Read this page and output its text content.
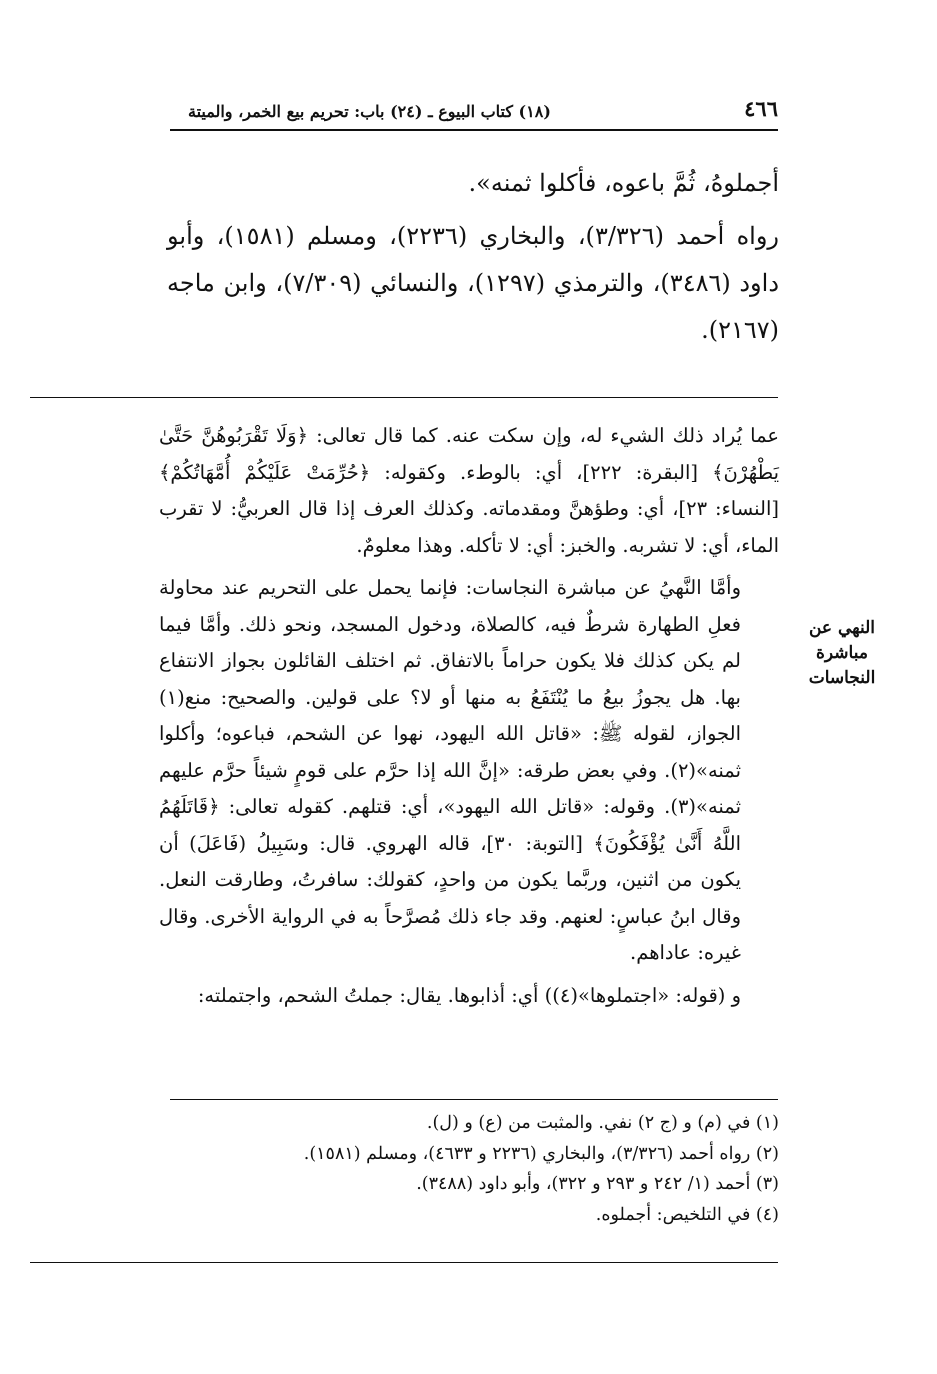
٤٦٦
(١٨) كتاب البيوع ـ (٢٤) باب: تحريم بيع الخمر، والميتة

أجملوهُ، ثُمَّ باعوه، فأكلوا ثمنه».

رواه أحمد (٣/٣٢٦)، والبخاري (٢٢٣٦)، ومسلم (١٥٨١)، وأبو داود (٣٤٨٦)، والترمذي (١٢٩٧)، والنسائي (٧/٣٠٩)، وابن ماجه (٢١٦٧).

عما يُراد ذلك الشيء له، وإن سكت عنه. كما قال تعالى: ﴿وَلَا تَقْرَبُوهُنَّ حَتَّىٰ يَطْهُرْنَ﴾ [البقرة: ٢٢٢]، أي: بالوطء. وكقوله: ﴿حُرِّمَتْ عَلَيْكُمْ أُمَّهَاتُكُمْ﴾ [النساء: ٢٣]، أي: وطؤهنَّ ومقدماته. وكذلك العرف إذا قال العربيُّ: لا تقرب الماء، أي: لا تشربه. والخبز: أي: لا تأكله. وهذا معلومٌ.

وأمَّا النَّهيُ عن مباشرة النجاسات: فإنما يحمل على التحريم عند محاولة فعلِ الطهارة شرطٌ فيه، كالصلاة، ودخول المسجد، ونحو ذلك. وأمَّا فيما لم يكن كذلك فلا يكون حراماً بالاتفاق. ثم اختلف القائلون بجواز الانتفاع بها. هل يجوزُ بيعُ ما يُنْتَفَعُ به منها أو لا؟ على قولين. والصحيح: منع(١) الجواز، لقوله ﷺ: «قاتل الله اليهود، نهوا عن الشحم، فباعوه؛ وأكلوا ثمنه»(٢). وفي بعض طرقه: «إنَّ الله إذا حرَّم على قومٍ شيئاً حرَّم عليهم ثمنه»(٣). وقوله: «قاتل الله اليهود»، أي: قتلهم. كقوله تعالى: ﴿قَاتَلَهُمُ اللَّهُ أَنَّىٰ يُؤْفَكُونَ﴾ [التوبة: ٣٠]، قاله الهروي. قال: وسَبِيلُ (فَاعَلَ) أن يكون من اثنين، وربَّما يكون من واحدٍ، كقولك: سافرتُ، وطارقت النعل. وقال ابنُ عباسٍ: لعنهم. وقد جاء ذلك مُصرَّحاً به في الرواية الأخرى. وقال غيره: عاداهم.

و (قوله: «اجتملوها»(٤)) أي: أذابوها. يقال: جملتُ الشحم، واجتملته:

النهي عن
مباشرة
النجاسات

(١) في (م) و (ج ٢) نفي. والمثبت من (ع) و (ل).

(٢) رواه أحمد (٣/٣٢٦)، والبخاري (٢٢٣٦ و ٤٦٣٣)، ومسلم (١٥٨١).

(٣) أحمد (١/ ٢٤٢ و ٢٩٣ و ٣٢٢)، وأبو داود (٣٤٨٨).

(٤) في التلخيص: أجملوه.
